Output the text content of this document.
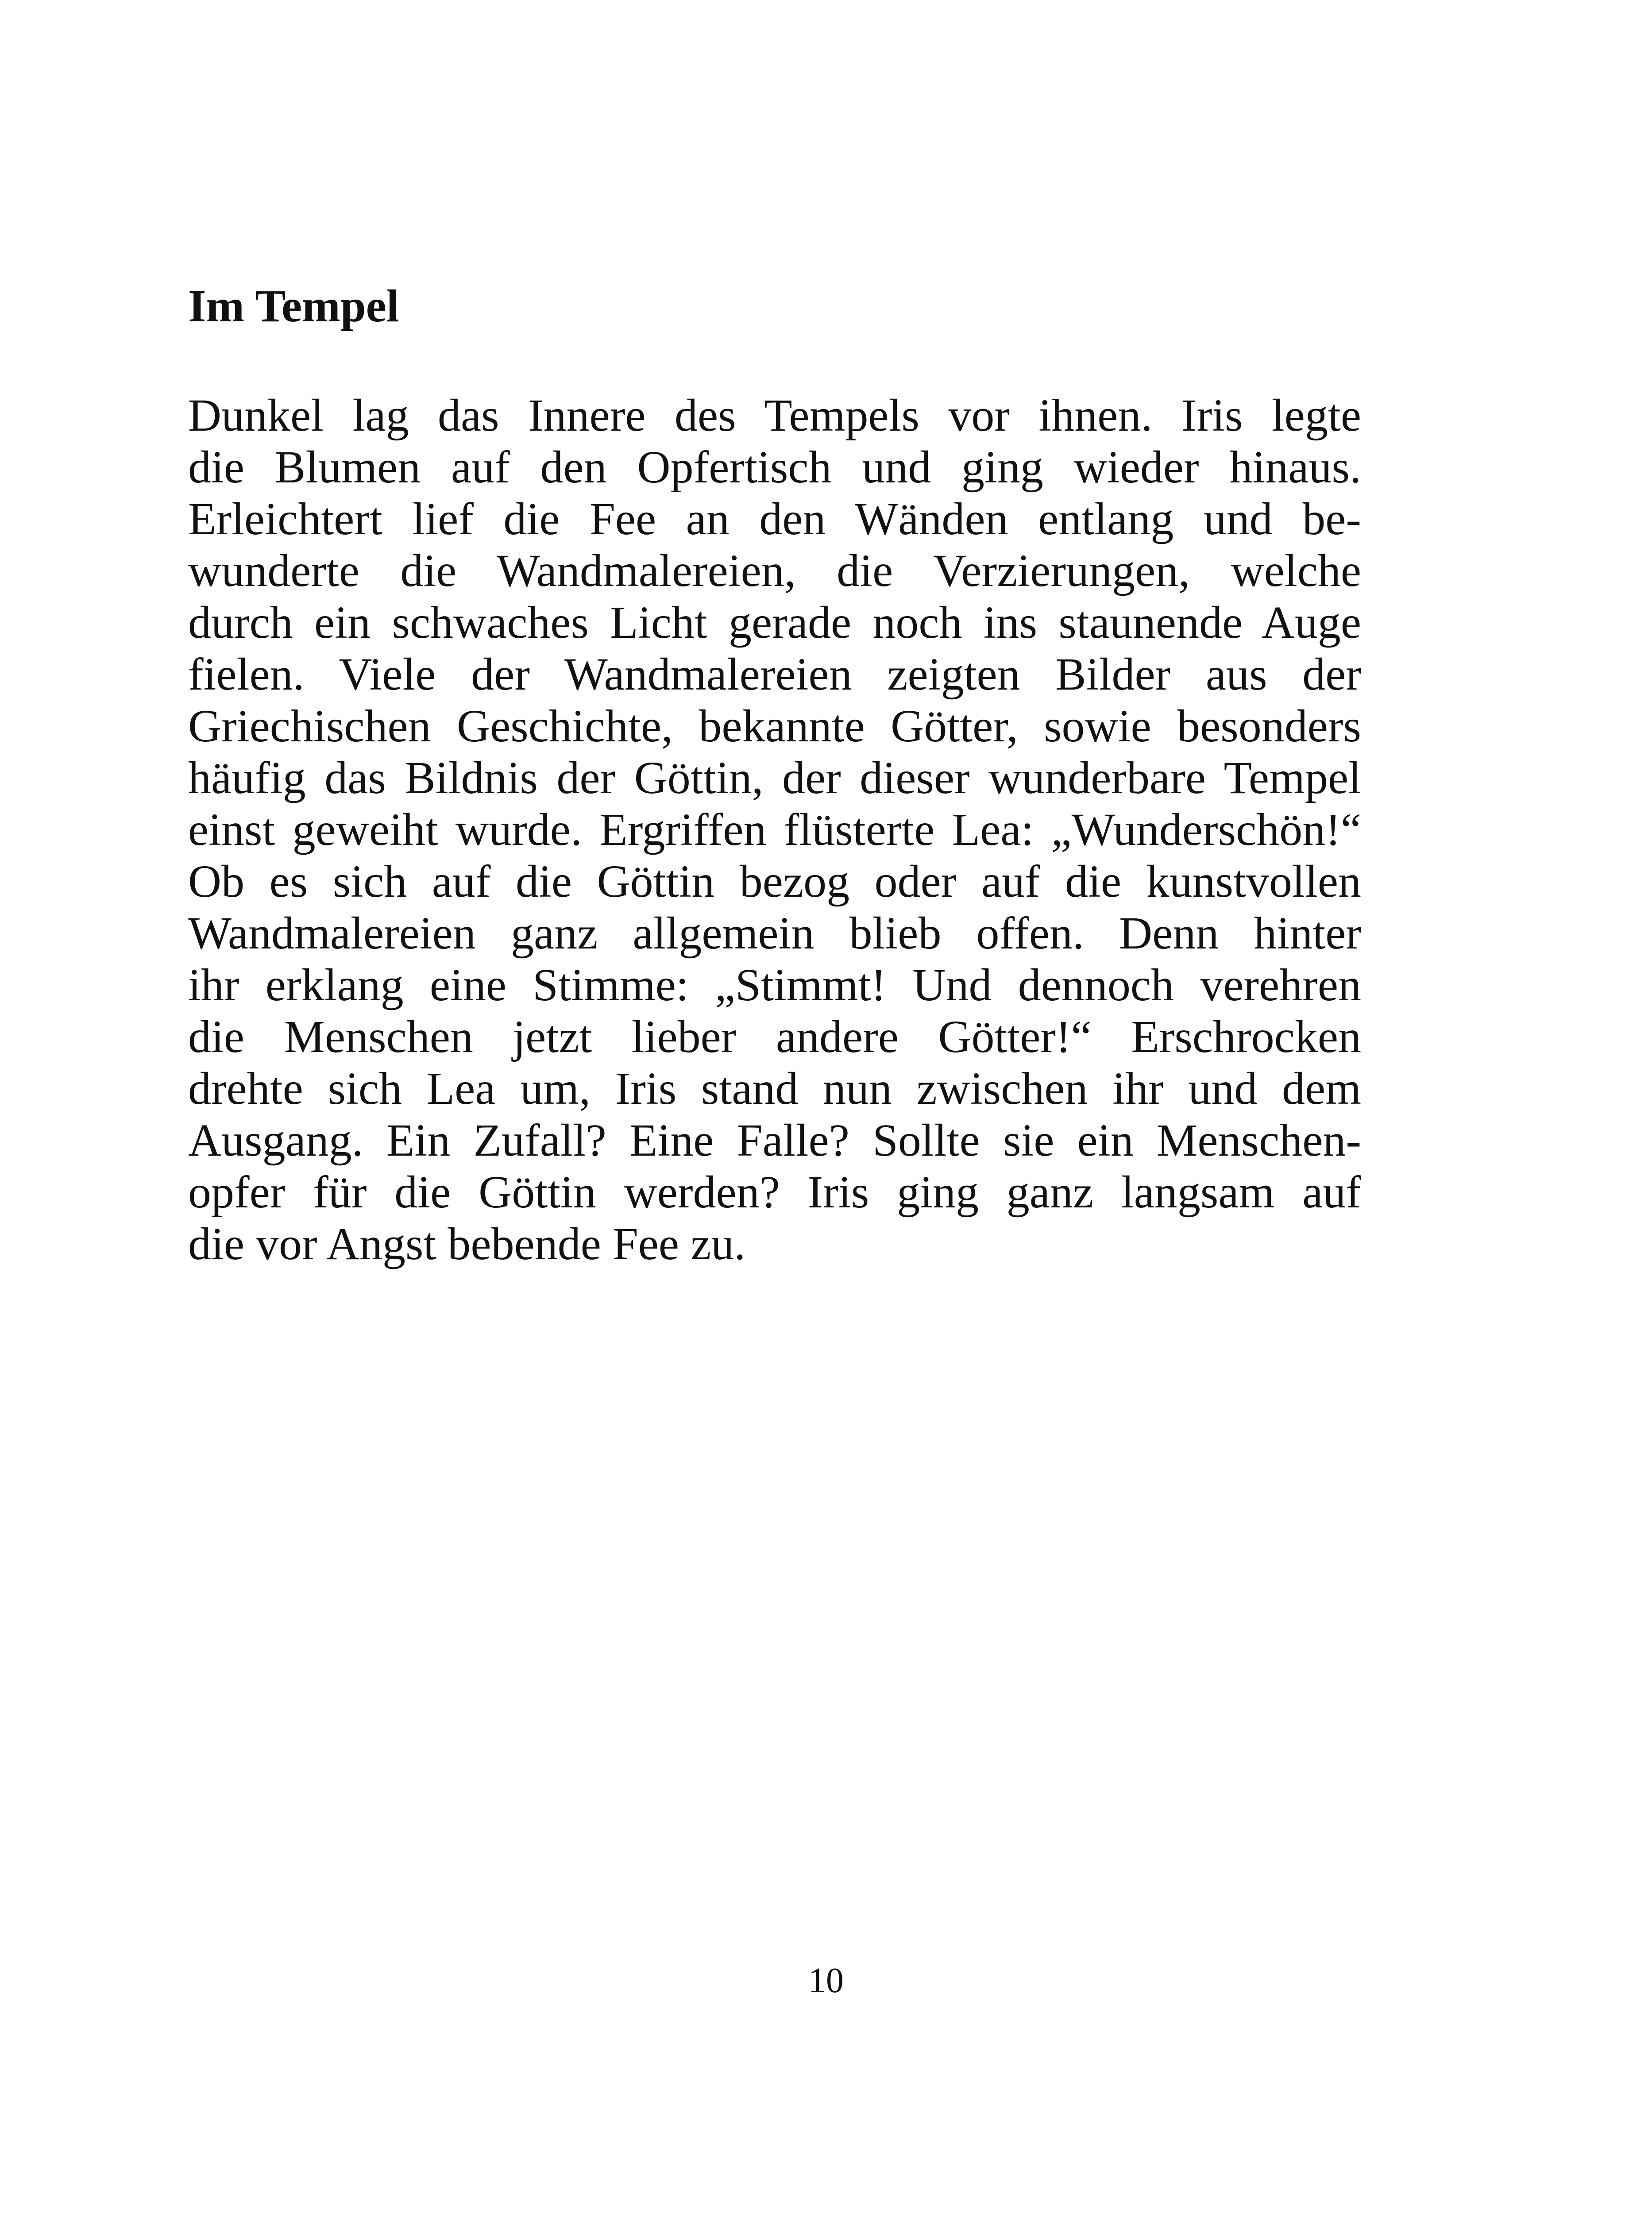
Im Tempel
Dunkel lag das Innere des Tempels vor ihnen. Iris legte
die Blumen auf den Opfertisch und ging wieder hinaus.
Erleichtert lief die Fee an den Wänden entlang und be-
wunderte die Wandmalereien, die Verzierungen, welche
durch ein schwaches Licht gerade noch ins staunende Auge
fielen. Viele der Wandmalereien zeigten Bilder aus der
Griechischen Geschichte, bekannte Götter, sowie besonders
häufig das Bildnis der Göttin, der dieser wunderbare Tempel
einst geweiht wurde. Ergriffen flüsterte Lea: „Wunderschön!“
Ob es sich auf die Göttin bezog oder auf die kunstvollen
Wandmalereien ganz allgemein blieb offen. Denn hinter
ihr erklang eine Stimme: „Stimmt! Und dennoch verehren
die Menschen jetzt lieber andere Götter!“ Erschrocken
drehte sich Lea um, Iris stand nun zwischen ihr und dem
Ausgang. Ein Zufall? Eine Falle? Sollte sie ein Menschen-
opfer für die Göttin werden? Iris ging ganz langsam auf
die vor Angst bebende Fee zu.
10
